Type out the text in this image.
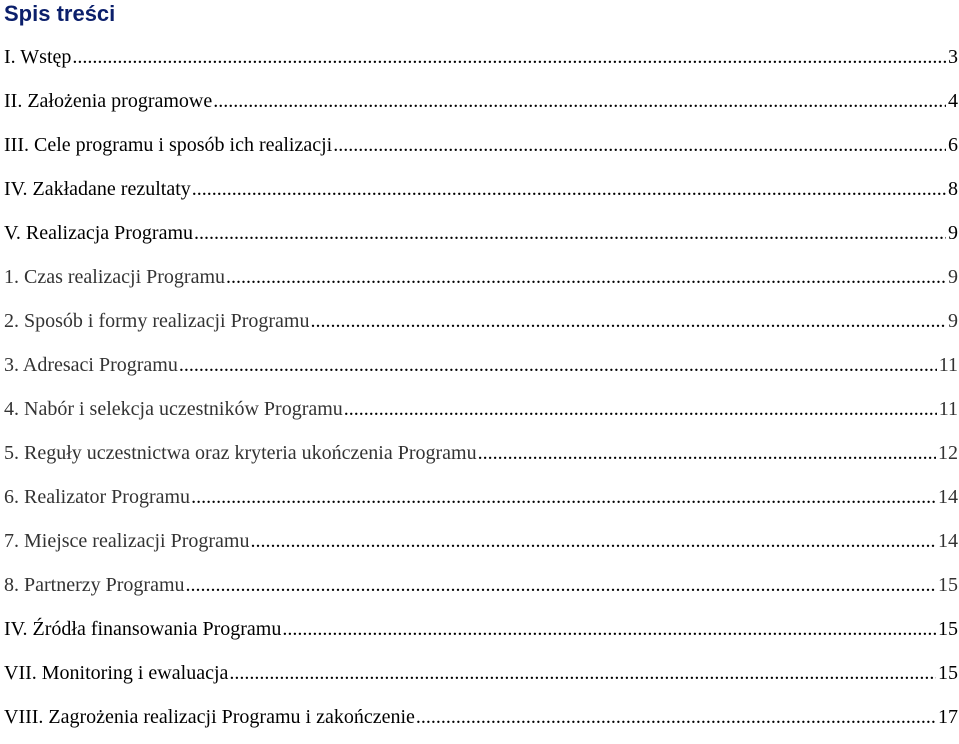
Spis treści
I. Wstęp .....	3
II. Założenia programowe .....	4
III. Cele programu i sposób ich realizacji .....	6
IV. Zakładane rezultaty .....	8
V. Realizacja Programu .....	9
1. Czas realizacji Programu .....	9
2. Sposób i formy realizacji Programu .....	9
3. Adresaci Programu .....	11
4. Nabór i selekcja uczestników Programu .....	11
5. Reguły uczestnictwa oraz kryteria ukończenia Programu .....	12
6. Realizator Programu .....	14
7. Miejsce realizacji Programu .....	14
8. Partnerzy Programu .....	15
IV. Źródła finansowania Programu .....	15
VII. Monitoring i ewaluacja .....	15
VIII. Zagrożenia realizacji Programu i zakończenie .....	17
